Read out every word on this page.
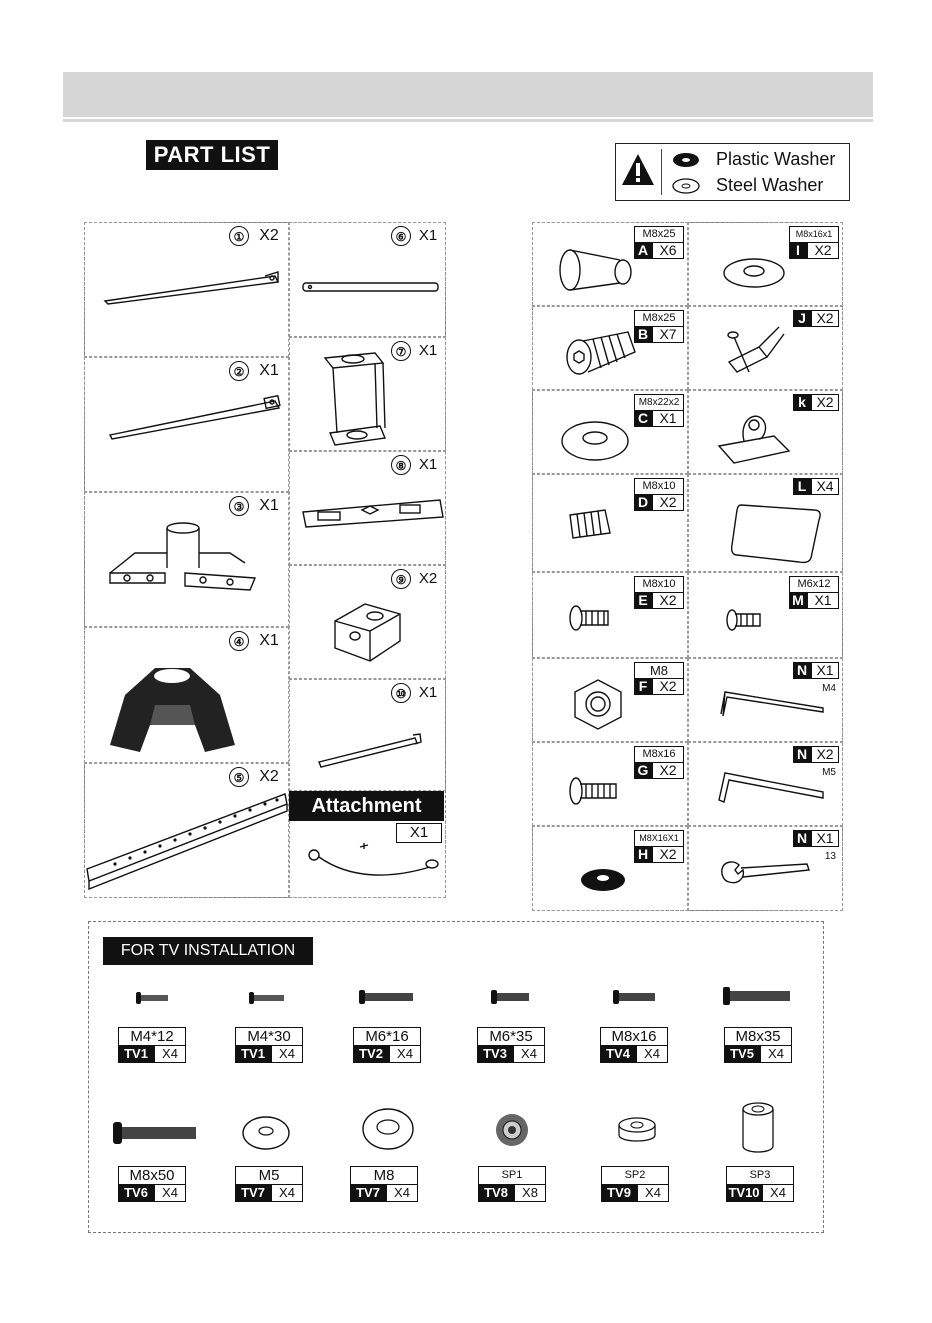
PART LIST	Plastic Washer
Steel Washer
① X2
② X1
③ X1
④ X1
⑤ X2
⑥ X1
⑦ X1
⑧ X1
⑨ X2
⑩ X1
Attachment
X1
M8x25
A X6
M8x16x1
I	X2
M8x25
B X7
J X2
M8x22x2
C X1
k X2
M8x10
D X2
L X4
M8x10
E X2
M6x12
M X1
M8
F X2
N X1
M4
N X2
M5
M8x16
G X2
M8X16X1
H X2
N X1
13
FOR TV INSTALLATION
M4*12
TV1	X4
M4*30
TV1	X4
M6*16
TV2	X4
M6*35
TV3	X4
M8x16
TV4	X4
M8x35
TV5	X4
M8x50
TV6	X4
M5
TV7	X4
M8
TV7	X4
SP1
TV8	X8
SP2
TV9	X4
SP3
TV10 X4
